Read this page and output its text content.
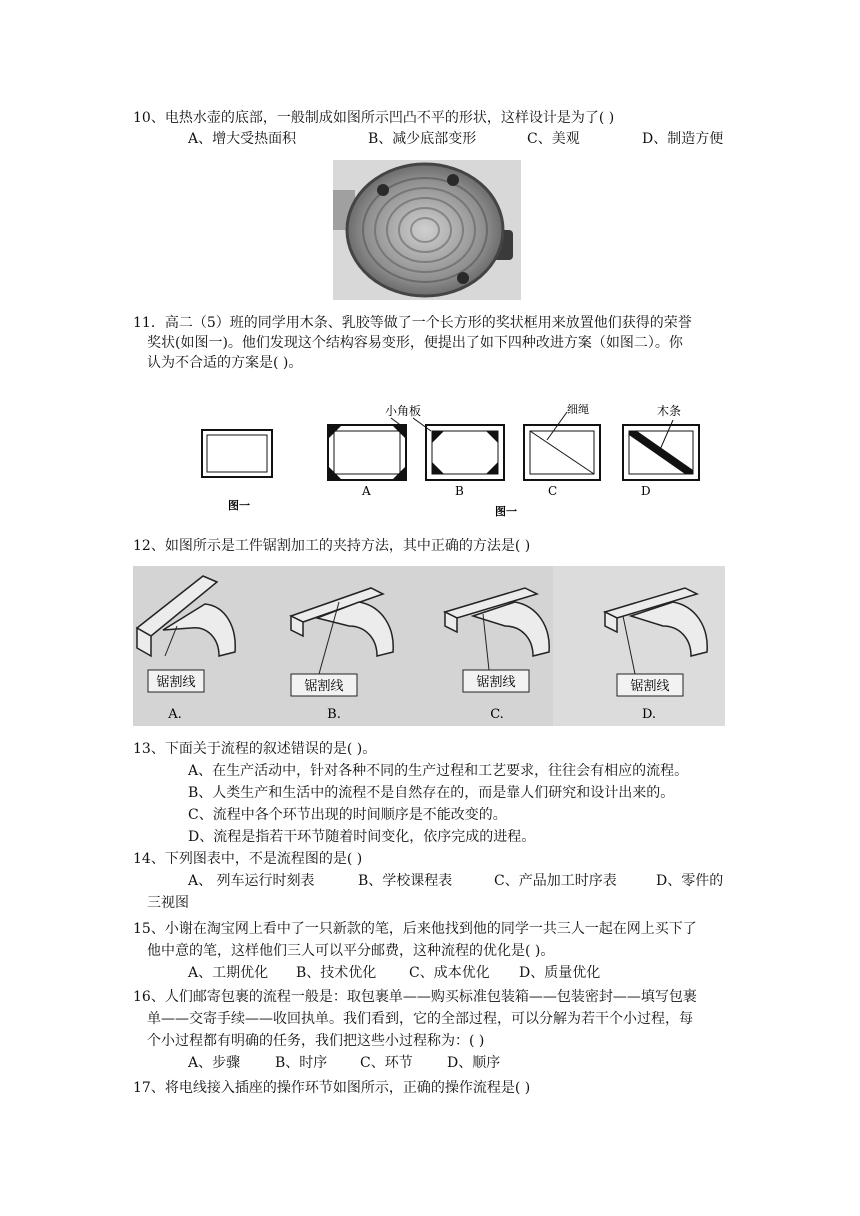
10、电热水壶的底部，一般制成如图所示凹凸不平的形状，这样设计是为了( )
A、增大受热面积	B、减少底部变形	C、美观	D、制造方便
11．高二（5）班的同学用木条、乳胶等做了一个长方形的奖状框用来放置他们获得的荣誉
奖状(如图一)。他们发现这个结构容易变形，便提出了如下四种改进方案（如图二）。你
认为不合适的方案是( )。
小角板	细绳	木条
A	B	C	D
图一	图一
12、如图所示是工件锯割加工的夹持方法，其中正确的方法是( )
锯割线
A.
锯割线
B.
锯割线
C.
锯割线
D.
13、下面关于流程的叙述错误的是( )。
A、在生产活动中，针对各种不同的生产过程和工艺要求，往往会有相应的流程。
B、人类生产和生活中的流程不是自然存在的，而是靠人们研究和设计出来的。
C、流程中各个环节出现的时间顺序是不能改变的。
D、流程是指若干环节随着时间变化，依序完成的进程。
14、下列图表中，不是流程图的是( )
A、 列车运行时刻表	B、学校课程表	C、产品加工时序表	D、零件的
三视图
15、小谢在淘宝网上看中了一只新款的笔，后来他找到他的同学一共三人一起在网上买下了
他中意的笔，这样他们三人可以平分邮费，这种流程的优化是( )。
A、工期优化 B、技术优化 C、成本优化 D、质量优化
16、人们邮寄包裹的流程一般是：取包裹单——购买标准包装箱——包装密封——填写包裹
单——交寄手续——收回执单。我们看到，它的全部过程，可以分解为若干个小过程，每
个小过程都有明确的任务，我们把这些小过程称为：( )
A、步骤 B、时序 C、环节 D、顺序
17、将电线接入插座的操作环节如图所示，正确的操作流程是( )
